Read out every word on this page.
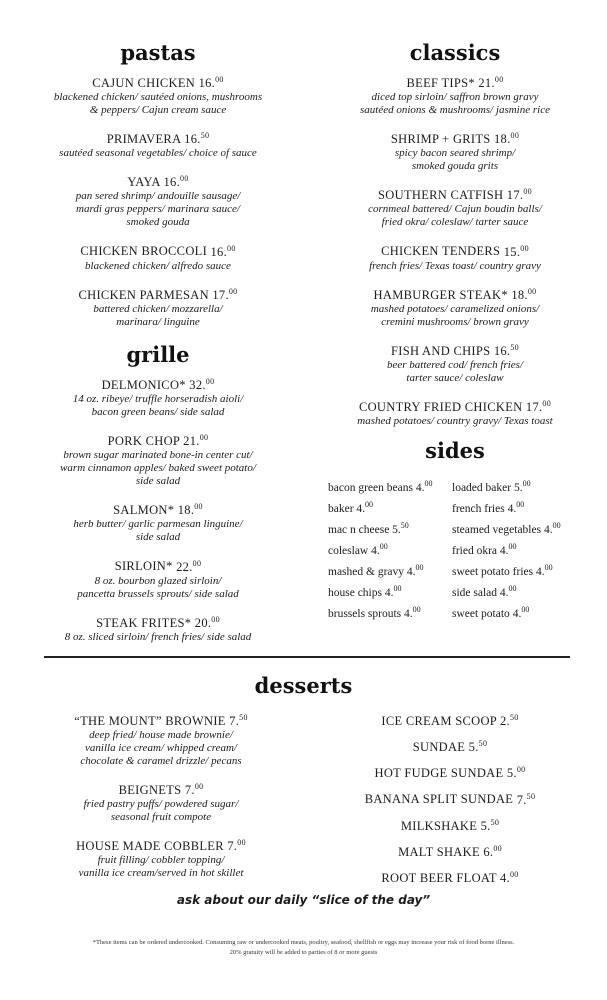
pastas
CAJUN CHICKEN 16.00
blackened chicken/ sautéed onions, mushrooms
& peppers/ Cajun cream sauce
PRIMAVERA 16.50
sautéed seasonal vegetables/ choice of sauce
YAYA 16.00
pan sered shrimp/ andouille sausage/
mardi gras peppers/ marinara sauce/
smoked gouda
CHICKEN BROCCOLI 16.00
blackened chicken/ alfredo sauce
CHICKEN PARMESAN 17.00
battered chicken/ mozzarella/
marinara/ linguine
grille
DELMONICO* 32.00
14 oz. ribeye/ truffle horseradish aioli/
bacon green beans/ side salad
PORK CHOP 21.00
brown sugar marinated bone-in center cut/
warm cinnamon apples/ baked sweet potato/
side salad
SALMON* 18.00
herb butter/ garlic parmesan linguine/
side salad
SIRLOIN* 22.00
8 oz. bourbon glazed sirloin/
pancetta brussels sprouts/ side salad
STEAK FRITES* 20.00
8 oz. sliced sirloin/ french fries/ side salad
classics
BEEF TIPS* 21.00
diced top sirloin/ saffron brown gravy
sautéed onions & mushrooms/ jasmine rice
SHRIMP + GRITS 18.00
spicy bacon seared shrimp/
smoked gouda grits
SOUTHERN CATFISH 17.00
cornmeal battered/ Cajun boudin balls/
fried okra/ coleslaw/ tarter sauce
CHICKEN TENDERS 15.00
french fries/ Texas toast/ country gravy
HAMBURGER STEAK* 18.00
mashed potatoes/ caramelized onions/
cremini mushrooms/ brown gravy
FISH AND CHIPS 16.50
beer battered cod/ french fries/
tarter sauce/ coleslaw
COUNTRY FRIED CHICKEN 17.00
mashed potatoes/ country gravy/ Texas toast
sides
bacon green beans 4.00
baker 4.00
mac n cheese 5.50
coleslaw 4.00
mashed & gravy 4.00
house chips 4.00
brussels sprouts 4.00
loaded baker 5.00
french fries 4.00
steamed vegetables 4.00
fried okra 4.00
sweet potato fries 4.00
side salad 4.00
sweet potato 4.00
desserts
“THE MOUNT” BROWNIE 7.50
deep fried/ house made brownie/
vanilla ice cream/ whipped cream/
chocolate & caramel drizzle/ pecans
BEIGNETS 7.00
fried pastry puffs/ powdered sugar/
seasonal fruit compote
HOUSE MADE COBBLER 7.00
fruit filling/ cobbler topping/
vanilla ice cream/served in hot skillet
ICE CREAM SCOOP 2.50
SUNDAE 5.50
HOT FUDGE SUNDAE 5.00
BANANA SPLIT SUNDAE 7.50
MILKSHAKE 5.50
MALT SHAKE 6.00
ROOT BEER FLOAT 4.00
ask about our daily “slice of the day”
*These items can be ordered undercooked. Consuming raw or undercooked meats, poultry, seafood, shellfish or eggs may increase your risk of food borne illness.
20% gratuity will be added to parties of 8 or more guests
